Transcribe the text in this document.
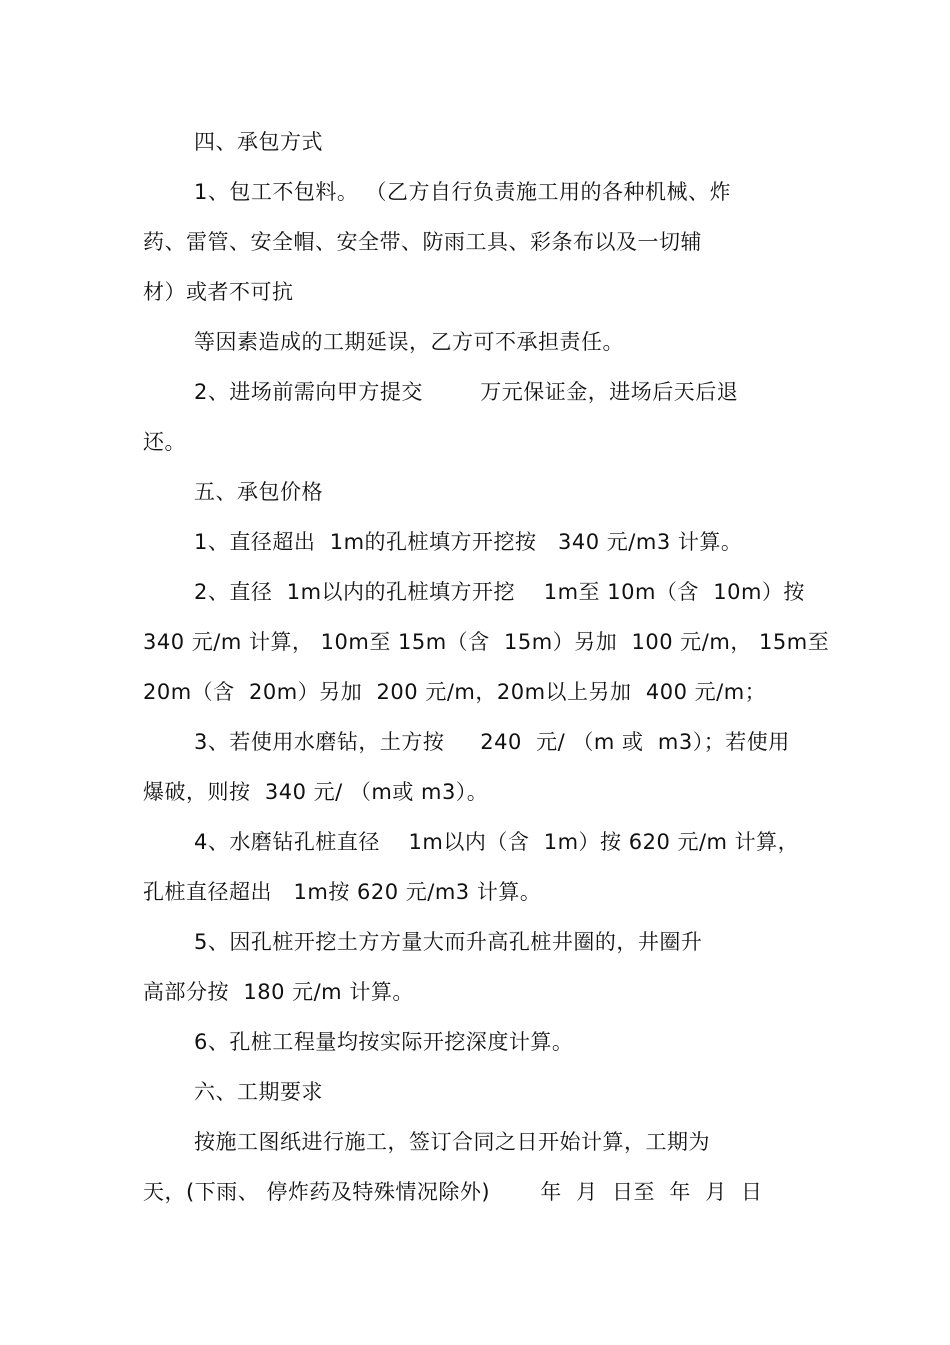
四、承包方式
1、包工不包料。 （乙方自行负责施工用的各种机械、炸
药、雷管、安全帽、安全带、防雨工具、彩条布以及一切辅
材）或者不可抗
等因素造成的工期延误，乙方可不承担责任。
2、进场前需向甲方提交        万元保证金，进场后天后退
还。
五、承包价格
1、直径超出  1m的孔桩填方开挖按   340 元/m3 计算。
2、直径  1m以内的孔桩填方开挖    1m至 10m（含  10m）按
340 元/m 计算， 10m至 15m（含  15m）另加  100 元/m， 15m至
20m（含  20m）另加  200 元/m，20m以上另加  400 元/m；
3、若使用水磨钻，土方按     240  元/ （m 或  m3）；若使用
爆破，则按  340 元/ （m或 m3）。
4、水磨钻孔桩直径    1m以内（含  1m）按 620 元/m 计算，
孔桩直径超出   1m按 620 元/m3 计算。
5、因孔桩开挖土方方量大而升高孔桩井圈的，井圈升
高部分按  180 元/m 计算。
6、孔桩工程量均按实际开挖深度计算。
六、工期要求
按施工图纸进行施工，签订合同之日开始计算，工期为
天，(下雨、 停炸药及特殊情况除外)       年  月  日至  年  月  日
